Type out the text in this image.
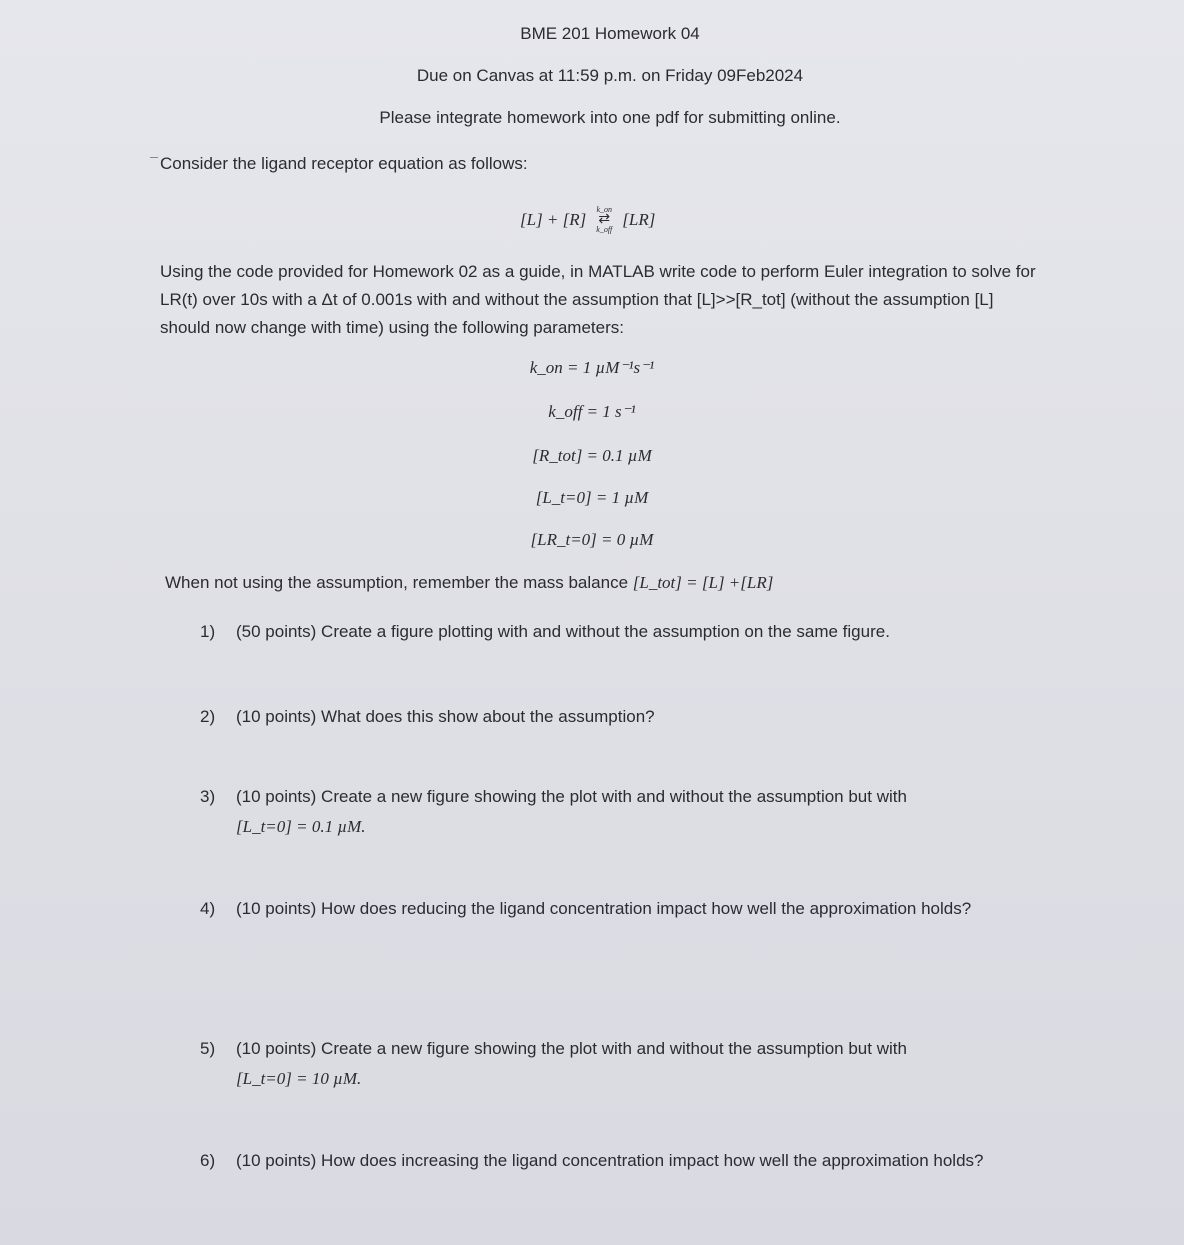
BME 201 Homework 04
Due on Canvas at 11:59 p.m. on Friday 09Feb2024
Please integrate homework into one pdf for submitting online.
Consider the ligand receptor equation as follows:
[L] + [R] k_on
⇄
k_off
[LR]
Using the code provided for Homework 02 as a guide, in MATLAB write code to perform Euler integration to solve for LR(t) over 10s with a Δt of 0.001s with and without the assumption that [L]>>[R_tot] (without the assumption [L] should now change with time) using the following parameters:
k_on = 1 µM⁻¹s⁻¹
k_off = 1 s⁻¹
[R_tot] = 0.1 µM
[L_t=0] = 1 µM
[LR_t=0] = 0 µM
When not using the assumption, remember the mass balance [L_tot] = [L] +[LR]
1)	(50 points) Create a figure plotting with and without the assumption on the same figure.
2)	(10 points) What does this show about the assumption?
3)	(10 points) Create a new figure showing the plot with and without the assumption but with
[L_t=0] = 0.1 µM.
4)	(10 points) How does reducing the ligand concentration impact how well the approximation holds?
5)	(10 points) Create a new figure showing the plot with and without the assumption but with
[L_t=0] = 10 µM.
6)	(10 points) How does increasing the ligand concentration impact how well the approximation holds?
